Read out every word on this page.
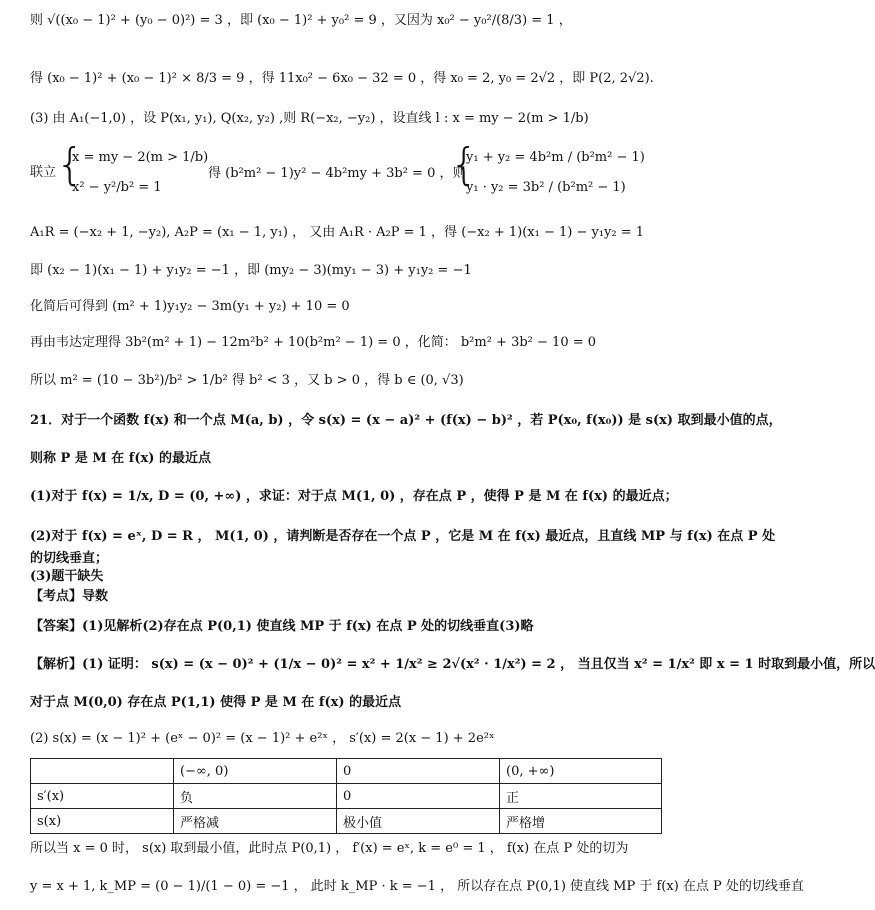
则 √((x₀ − 1)² + (y₀ − 0)²) = 3 ，即 (x₀ − 1)² + y₀² = 9 ，又因为 x₀² − y₀²/(8/3) = 1 ，
得 (x₀ − 1)² + (x₀ − 1)² × 8/3 = 9 ，得 11x₀² − 6x₀ − 32 = 0 ，得 x₀ = 2, y₀ = 2√2 ，即 P(2, 2√2).
(3) 由 A₁(−1,0) ，设 P(x₁, y₁), Q(x₂, y₂) ,则 R(−x₂, −y₂) ，设直线 l : x = my − 2(m > 1/b)
联立 {
x = my − 2(m > 1/b)
x² − y²/b² = 1
得 (b²m² − 1)y² − 4b²my + 3b² = 0 ，则
{
y₁ + y₂ = 4b²m / (b²m² − 1)
y₁ · y₂ = 3b² / (b²m² − 1)
A₁R = (−x₂ + 1, −y₂), A₂P = (x₁ − 1, y₁) ， 又由 A₁R · A₂P = 1 ，得 (−x₂ + 1)(x₁ − 1) − y₁y₂ = 1
即 (x₂ − 1)(x₁ − 1) + y₁y₂ = −1 ，即 (my₂ − 3)(my₁ − 3) + y₁y₂ = −1
化简后可得到 (m² + 1)y₁y₂ − 3m(y₁ + y₂) + 10 = 0
再由韦达定理得 3b²(m² + 1) − 12m²b² + 10(b²m² − 1) = 0 ，化简： b²m² + 3b² − 10 = 0
所以 m² = (10 − 3b²)/b² > 1/b² 得 b² < 3 ，又 b > 0 ，得 b ∈ (0, √3)
21．对于一个函数 f(x) 和一个点 M(a, b) ，令 s(x) = (x − a)² + (f(x) − b)² ，若 P(x₀, f(x₀)) 是 s(x) 取到最小值的点，
则称 P 是 M 在 f(x) 的最近点
(1)对于 f(x) = 1/x, D = (0, +∞) ，求证：对于点 M(1, 0) ，存在点 P ，使得 P 是 M 在 f(x) 的最近点；
(2)对于 f(x) = eˣ, D = R ， M(1, 0) ，请判断是否存在一个点 P ，它是 M 在 f(x) 最近点，且直线 MP 与 f(x) 在点 P 处
的切线垂直；
(3)题干缺失
【考点】导数
【答案】(1)见解析(2)存在点 P(0,1) 使直线 MP 于 f(x) 在点 P 处的切线垂直(3)略
【解析】(1) 证明： s(x) = (x − 0)² + (1/x − 0)² = x² + 1/x² ≥ 2√(x² · 1/x²) = 2 ， 当且仅当 x² = 1/x² 即 x = 1 时取到最小值，所以
对于点 M(0,0) 存在点 P(1,1) 使得 P 是 M 在 f(x) 的最近点
(2) s(x) = (x − 1)² + (eˣ − 0)² = (x − 1)² + e²ˣ ， s′(x) = 2(x − 1) + 2e²ˣ
	(−∞, 0)	0	(0, +∞)
s′(x)	负	0	正
s(x)	严格减	极小值	严格增
所以当 x = 0 时， s(x) 取到最小值，此时点 P(0,1) ， f′(x) = eˣ, k = e⁰ = 1 ， f(x) 在点 P 处的切为
y = x + 1, k_MP = (0 − 1)/(1 − 0) = −1 ， 此时 k_MP · k = −1 ， 所以存在点 P(0,1) 使直线 MP 于 f(x) 在点 P 处的切线垂直
